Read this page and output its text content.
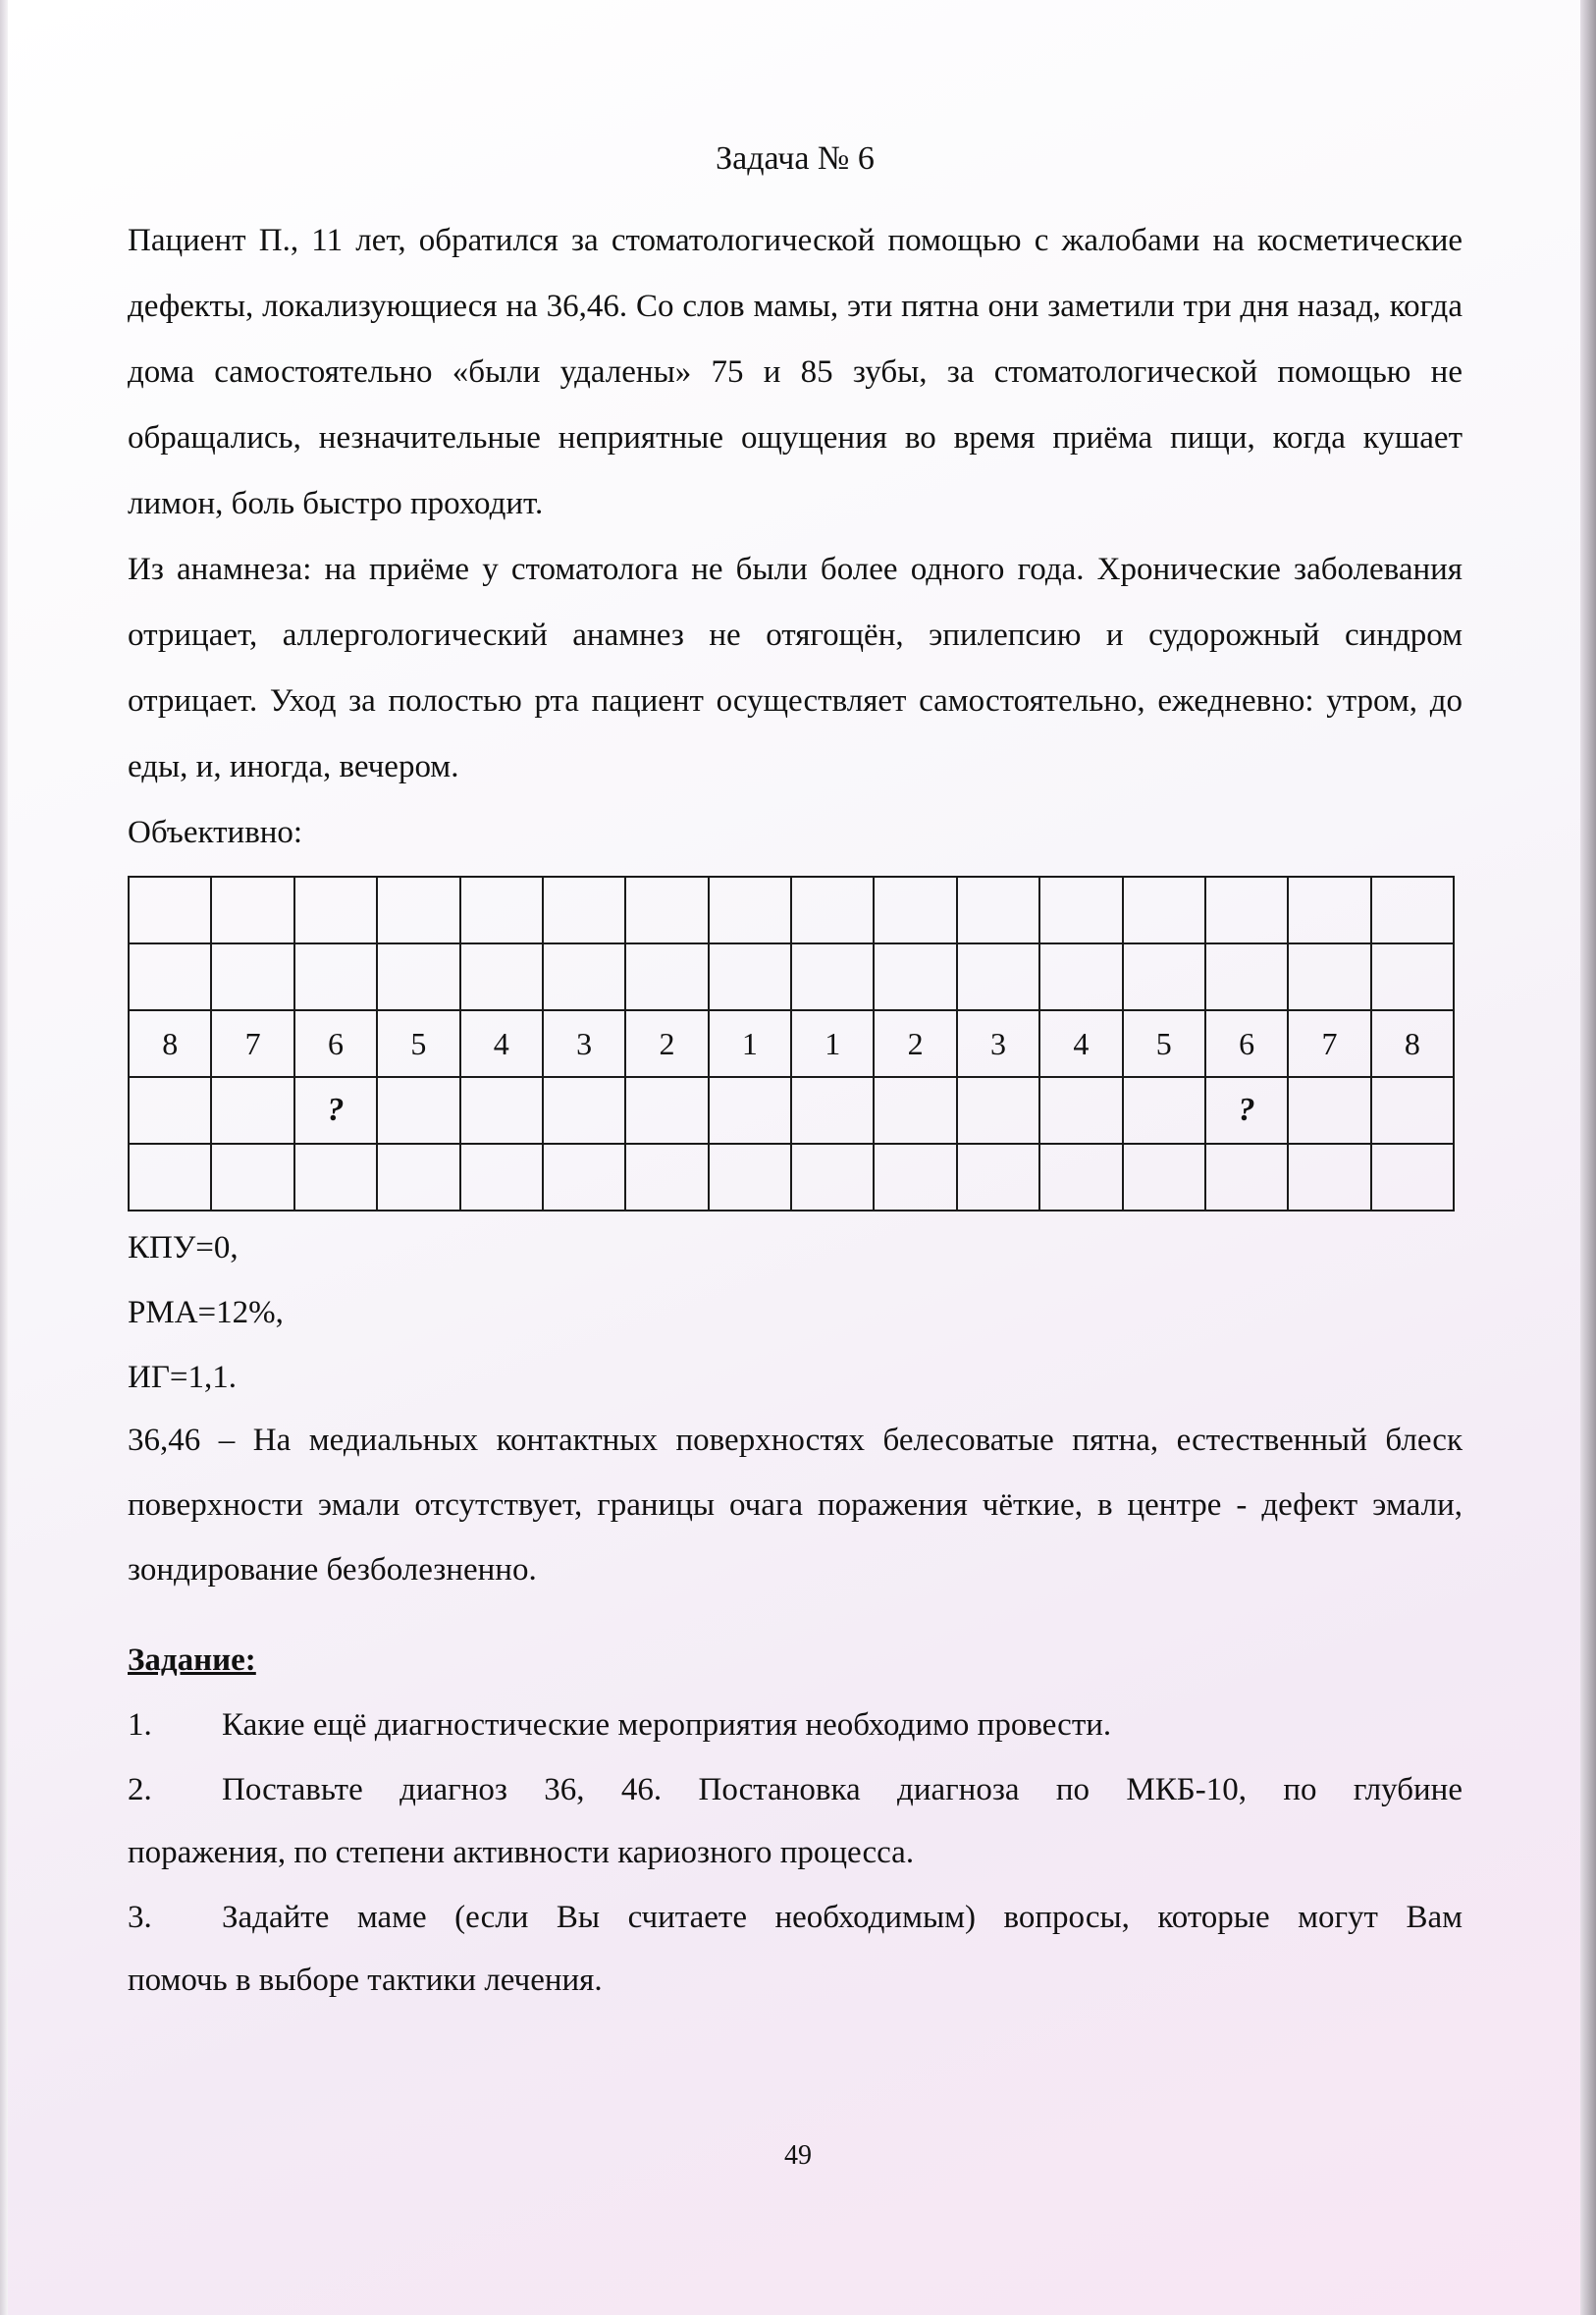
Задача № 6

Пациент П., 11 лет, обратился за стоматологической помощью с жалобами на косметические дефекты, локализующиеся на 36,46. Со слов мамы, эти пятна они заметили три дня назад, когда дома самостоятельно «были удалены» 75 и 85 зубы, за стоматологической помощью не обращались, незначительные неприятные ощущения во время приёма пищи, когда кушает лимон, боль быстро проходит.

Из анамнеза: на приёме у стоматолога не были более одного года. Хронические заболевания отрицает, аллергологический анамнез не отягощён, эпилепсию и судорожный синдром отрицает. Уход за полостью рта пациент осуществляет самостоятельно, ежедневно: утром, до еды, и, иногда, вечером.

Объективно:

8	7	6	5	4	3	2	1	1	2	3	4	5	6	7	8
		?											?		

КПУ=0,
РМА=12%,
ИГ=1,1.
36,46 – На медиальных контактных поверхностях белесоватые пятна, естественный блеск поверхности эмали отсутствует, границы очага поражения чёткие, в центре - дефект эмали, зондирование безболезненно.
Задание:
1.	Какие ещё диагностические мероприятия необходимо провести.
2.	Поставьте диагноз 36, 46. Постановка диагноза по МКБ-10, по глубине
поражения, по степени активности кариозного процесса.
3.	Задайте маме (если Вы считаете необходимым) вопросы, которые могут Вам
помочь в выборе тактики лечения.
49
